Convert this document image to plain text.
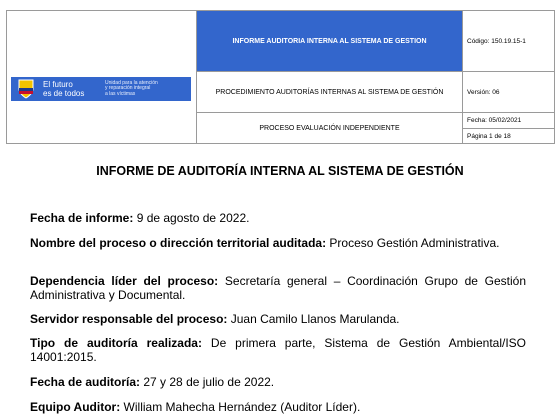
El futuro
es de todos
Unidad para la atención
y reparación integral
a las víctimas	INFORME AUDITORIA INTERNA AL SISTEMA DE GESTION	Código: 150.19.15-1
	PROCEDIMIENTO AUDITORÍAS INTERNAS AL SISTEMA DE GESTIÓN	Versión: 06
	PROCESO EVALUACIÓN INDEPENDIENTE	Fecha: 05/02/2021
		Página 1 de 18
INFORME DE AUDITORÍA INTERNA AL SISTEMA DE GESTIÓN
Fecha de informe: 9 de agosto de 2022.
Nombre del proceso o dirección territorial auditada: Proceso Gestión Administrativa.
Dependencia líder del proceso: Secretaría general – Coordinación Grupo de Gestión Administrativa y Documental.
Servidor responsable del proceso: Juan Camilo Llanos Marulanda.
Tipo de auditoría realizada: De primera parte, Sistema de Gestión Ambiental/ISO 14001:2015.
Fecha de auditoría: 27 y 28 de julio de 2022.
Equipo Auditor: William Mahecha Hernández (Auditor Líder).
